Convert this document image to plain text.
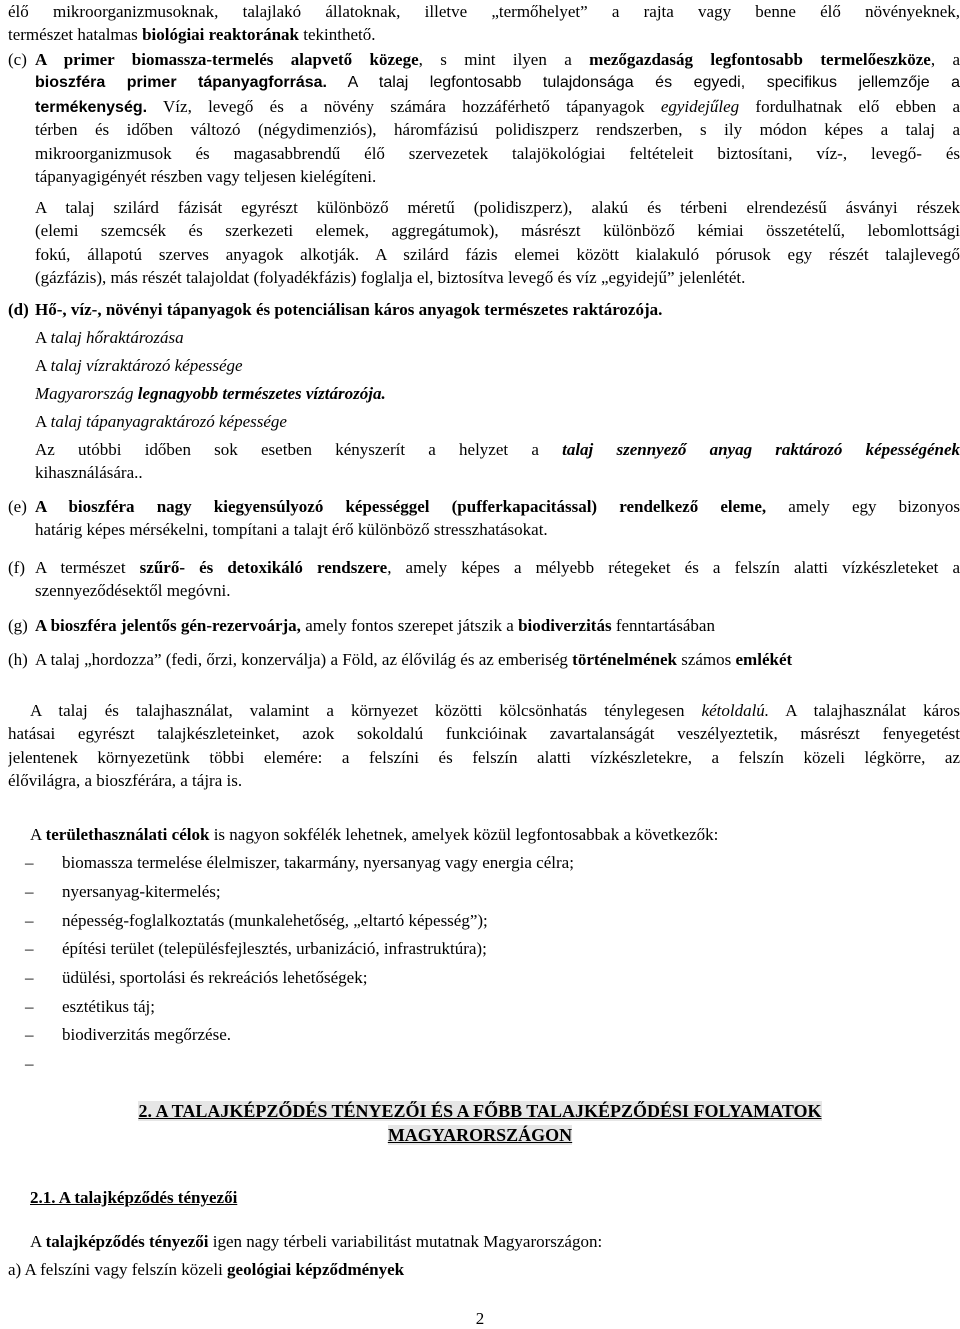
élő mikroorganizmusoknak, talajlakó állatoknak, illetve „termőhelyet” a rajta vagy benne élő növényeknek,
természet hatalmas biológiai reaktorának tekinthető.
(c) A primer biomassza-termelés alapvető közege, s mint ilyen a mezőgazdaság legfontosabb termelőeszköze, a
bioszféra primer tápanyagforrása. A talaj legfontosabb tulajdonsága és egyedi, specifikus jellemzője a
termékenység. Víz, levegő és a növény számára hozzáférhető tápanyagok egyidejűleg fordulhatnak elő ebben a
térben és időben változó (négydimenziós), háromfázisú polidiszperz rendszerben, s ily módon képes a talaj a
mikroorganizmusok és magasabbrendű élő szervezetek talajökológiai feltételeit biztosítani, víz-, levegő- és
tápanyagigényét részben vagy teljesen kielégíteni.
A talaj szilárd fázisát egyrészt különböző méretű (polidiszperz), alakú és térbeni elrendezésű ásványi részek
(elemi szemcsék és szerkezeti elemek, aggregátumok), másrészt különböző kémiai összetételű, lebomlottsági
fokú, állapotú szerves anyagok alkotják. A szilárd fázis elemei között kialakuló pórusok egy részét talajlevegő
(gázfázis), más részét talajoldat (folyadékfázis) foglalja el, biztosítva levegő és víz „egyidejű” jelenlétét.
(d) Hő-, víz-, növényi tápanyagok és potenciálisan káros anyagok természetes raktározója.
A talaj hőraktározása
A talaj vízraktározó képessége
Magyarország legnagyobb természetes víztározója.
A talaj tápanyagraktározó képessége
Az utóbbi időben sok esetben kényszerít a helyzet a talaj szennyező anyag raktározó képességének
kihasználására..
(e) A bioszféra nagy kiegyensúlyozó képességgel (pufferkapacitással) rendelkező eleme, amely egy bizonyos
határig képes mérsékelni, tompítani a talajt érő különböző stresszhatásokat.
(f) A természet szűrő- és detoxikáló rendszere, amely képes a mélyebb rétegeket és a felszín alatti vízkészleteket a
szennyeződésektől megóvni.
(g) A bioszféra jelentős gén-rezervoárja, amely fontos szerepet játszik a biodiverzitás fenntartásában
(h) A talaj „hordozza” (fedi, őrzi, konzerválja) a Föld, az élővilág és az emberiség történelmének számos emlékét
A talaj és talajhasználat, valamint a környezet közötti kölcsönhatás ténylegesen kétoldalú. A talajhasználat káros
hatásai egyrészt talajkészleteinket, azok sokoldalú funkcióinak zavartalanságát veszélyeztetik, másrészt fenyegetést
jelentenek környezetünk többi elemére: a felszíni és felszín alatti vízkészletekre, a felszín közeli légkörre, az
élővilágra, a bioszférára, a tájra is.
A területhasználati célok is nagyon sokfélék lehetnek, amelyek közül legfontosabbak a következők:
–	biomassza termelése élelmiszer, takarmány, nyersanyag vagy energia célra;
–	nyersanyag-kitermelés;
–	népesség-foglalkoztatás (munkalehetőség, „eltartó képesség”);
–	építési terület (településfejlesztés, urbanizáció, infrastruktúra);
–	üdülési, sportolási és rekreációs lehetőségek;
–	esztétikus táj;
–	biodiverzitás megőrzése.
–
2. A TALAJKÉPZŐDÉS TÉNYEZŐI ÉS A FŐBB TALAJKÉPZŐDÉSI FOLYAMATOK
MAGYARORSZÁGON
2.1. A talajképződés tényezői
A talajképződés tényezői igen nagy térbeli variabilitást mutatnak Magyarországon:
a) A felszíni vagy felszín közeli geológiai képződmények
2
